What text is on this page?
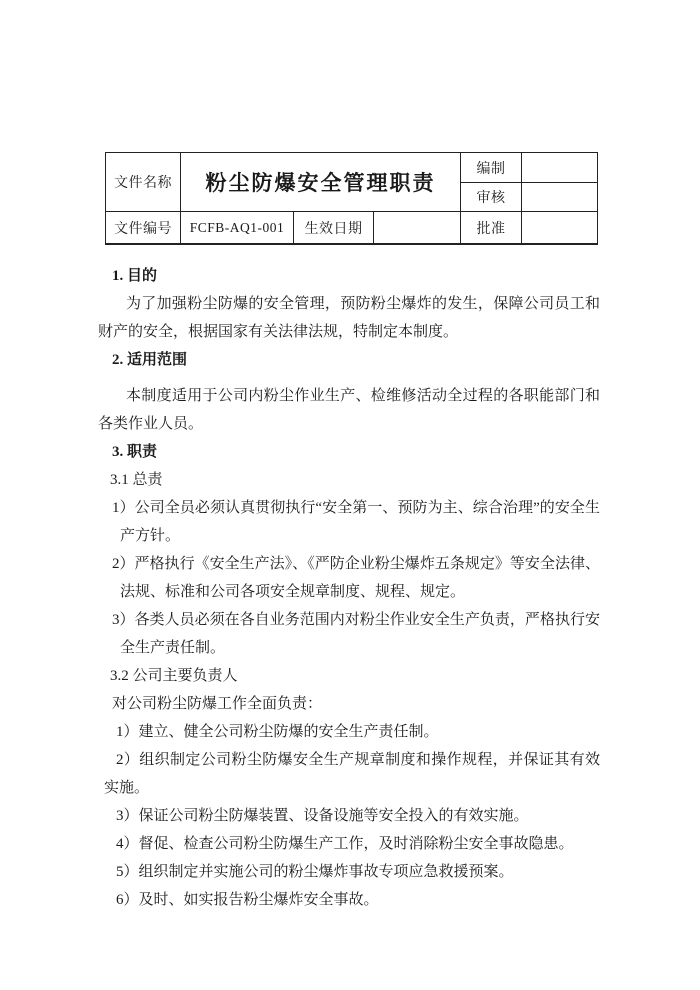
文件名称	粉尘防爆安全管理职责			编制	
				审核	
文件编号	FCFB-AQ1-001	生效日期		批准	
1. 目的
为了加强粉尘防爆的安全管理，预防粉尘爆炸的发生，保障公司员工和财产的安全，根据国家有关法律法规，特制定本制度。
2. 适用范围
本制度适用于公司内粉尘作业生产、检维修活动全过程的各职能部门和各类作业人员。
3. 职责
3.1 总责
1）公司全员必须认真贯彻执行“安全第一、预防为主、综合治理”的安全生产方针。
2）严格执行《安全生产法》、《严防企业粉尘爆炸五条规定》等安全法律、法规、标准和公司各项安全规章制度、规程、规定。
3）各类人员必须在各自业务范围内对粉尘作业安全生产负责，严格执行安全生产责任制。
3.2 公司主要负责人
对公司粉尘防爆工作全面负责：
1）建立、健全公司粉尘防爆的安全生产责任制。
2）组织制定公司粉尘防爆安全生产规章制度和操作规程，并保证其有效实施。
3）保证公司粉尘防爆装置、设备设施等安全投入的有效实施。
4）督促、检查公司粉尘防爆生产工作，及时消除粉尘安全事故隐患。
5）组织制定并实施公司的粉尘爆炸事故专项应急救援预案。
6）及时、如实报告粉尘爆炸安全事故。
